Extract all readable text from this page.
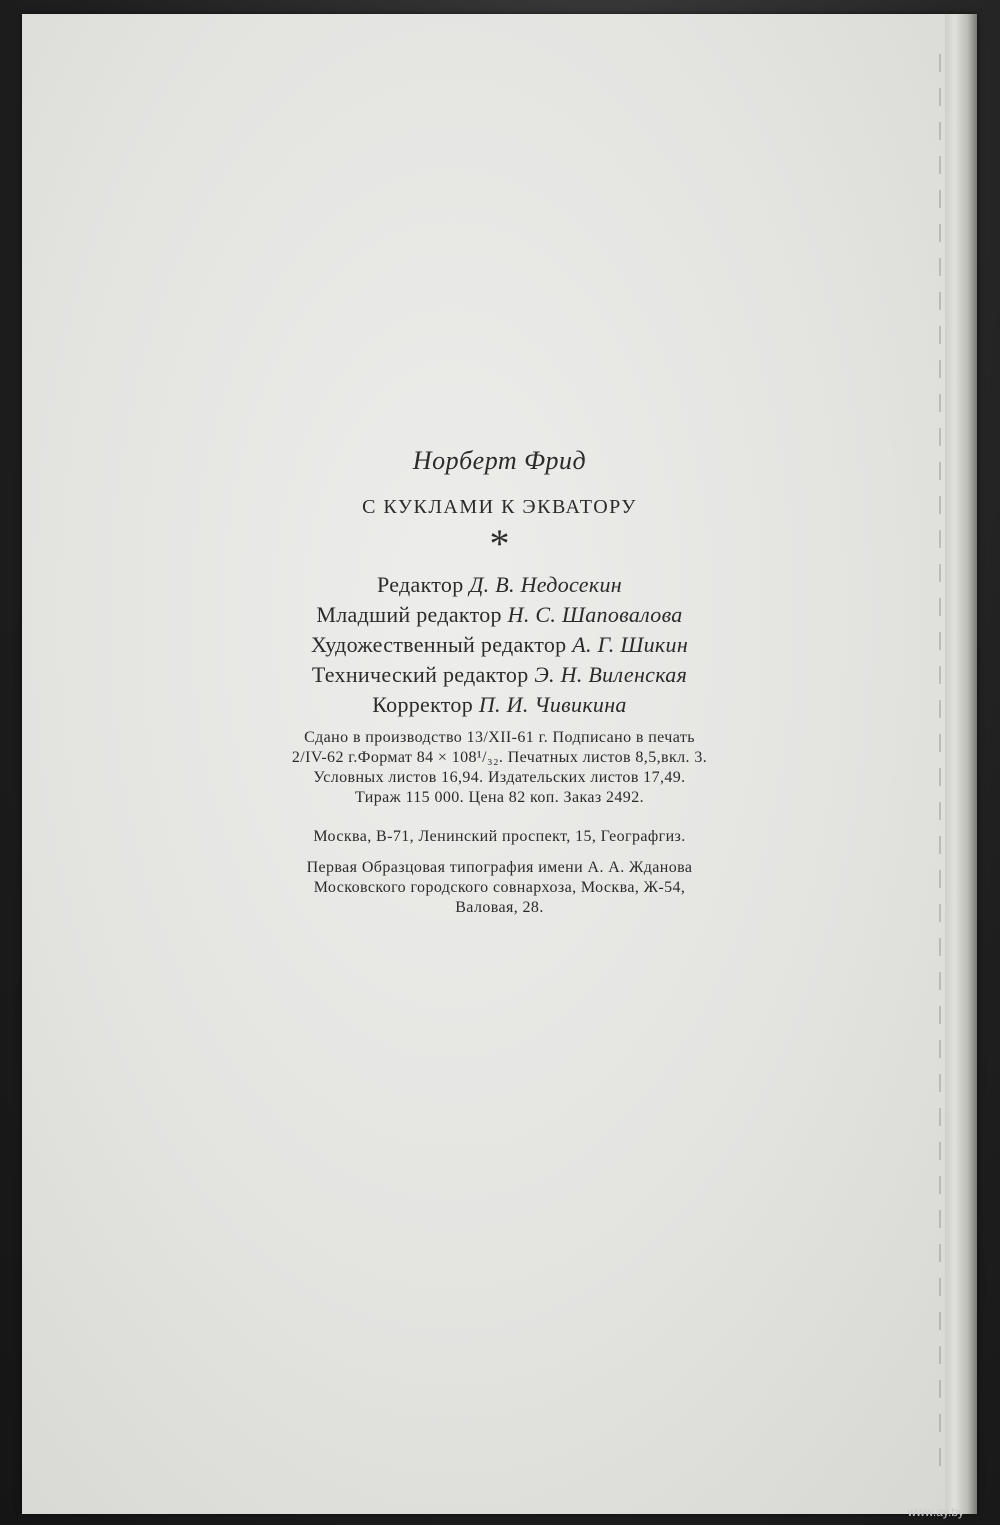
Норберт Фрид
С КУКЛАМИ К ЭКВАТОРУ
*
Редактор Д. В. Недосекин
Младший редактор Н. С. Шаповалова
Художественный редактор А. Г. Шикин
Технический редактор Э. Н. Виленская
Корректор П. И. Чивикина
Сдано в производство 13/XII-61 г. Подписано в печать
2/IV-62 г.Формат 84 × 108¹/₃₂. Печатных листов 8,5,вкл. 3.
Условных листов 16,94. Издательских листов 17,49.
Тираж 115 000. Цена 82 коп. Заказ 2492.
Москва, В-71, Ленинский проспект, 15, Географгиз.
Первая Образцовая типография имени А. А. Жданова
Московского городского совнархоза, Москва, Ж-54,
Валовая, 28.
www.ay.by
